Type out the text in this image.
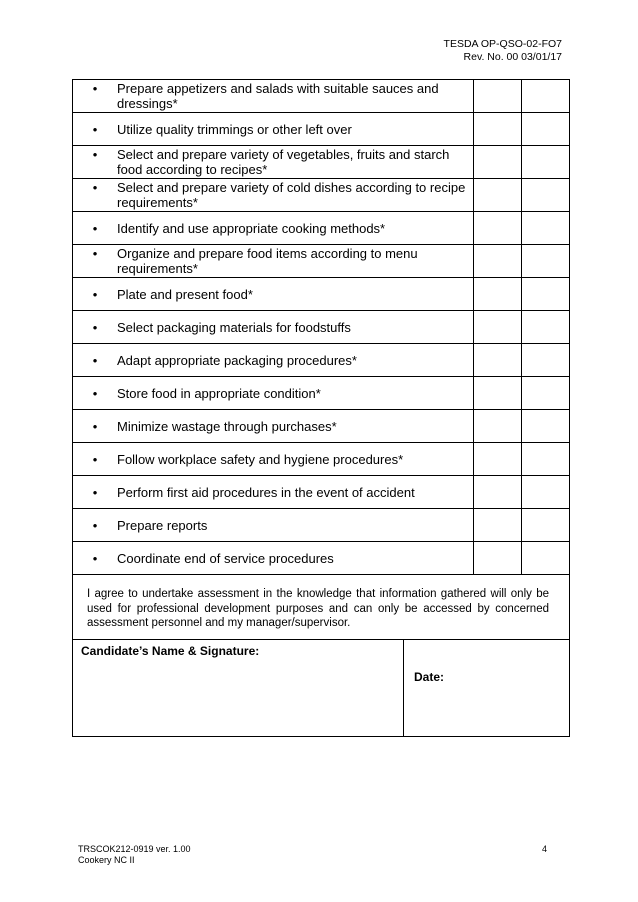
TESDA OP-QSO-02-FO7
Rev. No. 00 03/01/17
• Prepare appetizers and salads with suitable sauces and dressings*		

• Utilize quality trimmings or other left over		

• Select and prepare variety of vegetables, fruits and starch food according to recipes*		

• Select and prepare variety of cold dishes according to recipe requirements*		

• Identify and use appropriate cooking methods*		

• Organize and prepare food items according to menu requirements*		

• Plate and present food*		

• Select packaging materials for foodstuffs		

• Adapt appropriate packaging procedures*		

• Store food in appropriate condition*		

• Minimize wastage through purchases*		

• Follow workplace safety and hygiene procedures*		

• Perform first aid procedures in the event of accident		

• Prepare reports		

• Coordinate end of service procedures		

I agree to undertake assessment in the knowledge that information gathered will only be used for professional development purposes and can only be accessed by concerned assessment personnel and my manager/supervisor.		
Candidate’s Name & Signature:	Date:
TRSCOK212-0919 ver. 1.00
Cookery NC II
4
